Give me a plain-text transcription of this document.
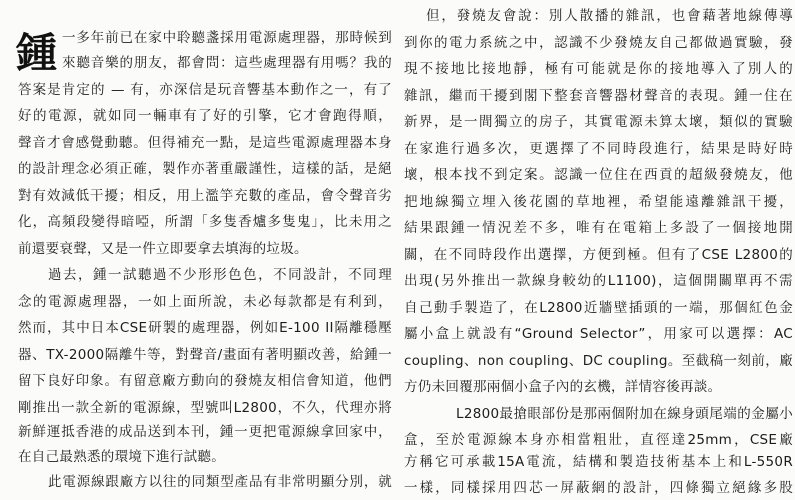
鍾 一多年前已在家中聆聽盞採用電源處理器，那時候到
來聽音樂的朋友，都會問：這些處理器有用嗎？我的
答案是肯定的 — 有，亦深信是玩音響基本動作之一，有了
好的電源，就如同一輛車有了好的引擎，它才會跑得順，
聲音才會感覺動聽。但得補充一點，是這些電源處理器本身
的設計理念必須正確，製作亦著重嚴謹性，這樣的話，是絕
對有效減低干擾；相反，用上濫竽充數的產品，會令聲音劣
化，高頻段變得暗啞，所謂「多隻香爐多隻鬼」，比未用之
前還要衰聲，又是一件立即要拿去填海的垃圾。
過去，鍾一試聽過不少形形色色，不同設計，不同理
念的電源處理器，一如上面所說，未必每款都是有利到，
然而，其中日本CSE研製的處理器，例如E-100 II隔離穩壓
器、TX-2000隔離牛等，對聲音/畫面有著明顯改善，給鍾一
留下良好印象。有留意廠方動向的發燒友相信會知道，他們
剛推出一款全新的電源線，型號叫L2800，不久，代理亦將
新鮮運抵香港的成品送到本刊，鍾一更把電源線拿回家中，
在自己最熟悉的環境下進行試聽。
此電源線跟廠方以往的同類型產品有非常明顯分別，就
但，發燒友會說：別人散播的雜訊，也會藉著地線傳導
到你的電力系統之中，認識不少發燒友自己都做過實驗，發
現不接地比接地靜，極有可能就是你的接地導入了別人的
雜訊，繼而干擾到閣下整套音響器材聲音的表現。鍾一住在
新界，是一間獨立的房子，其實電源未算太壞，類似的實驗
在家進行過多次，更選擇了不同時段進行，結果是時好時
壞，根本找不到定案。認識一位住在西貢的超級發燒友，他
把地線獨立埋入後花園的草地裡，希望能遠離雜訊干擾，
結果跟鍾一情況差不多，唯有在電箱上多設了一個接地開
關，在不同時段作出選擇，方便到極。但有了CSE L2800的
出現(另外推出一款線身較幼的L1100)，這個開關單再不需
自己動手製造了，在L2800近牆壁插頭的一端，那個紅色金
屬小盒上就設有“Ground Selector”，用家可以選擇：AC
coupling、non coupling、DC coupling。至截稿一刻前，廠
方仍未回覆那兩個小盒子內的玄機，詳情容後再談。
L2800最搶眼部份是那兩個附加在線身頭尾端的金屬小
盒，至於電源線本身亦相當粗壯，直徑達25mm，CSE廠
方稱它可承載15A電流，結構和製造技術基本上和L-550R
一樣，同樣採用四芯一屏蔽網的設計，四條獨立絕緣多股
